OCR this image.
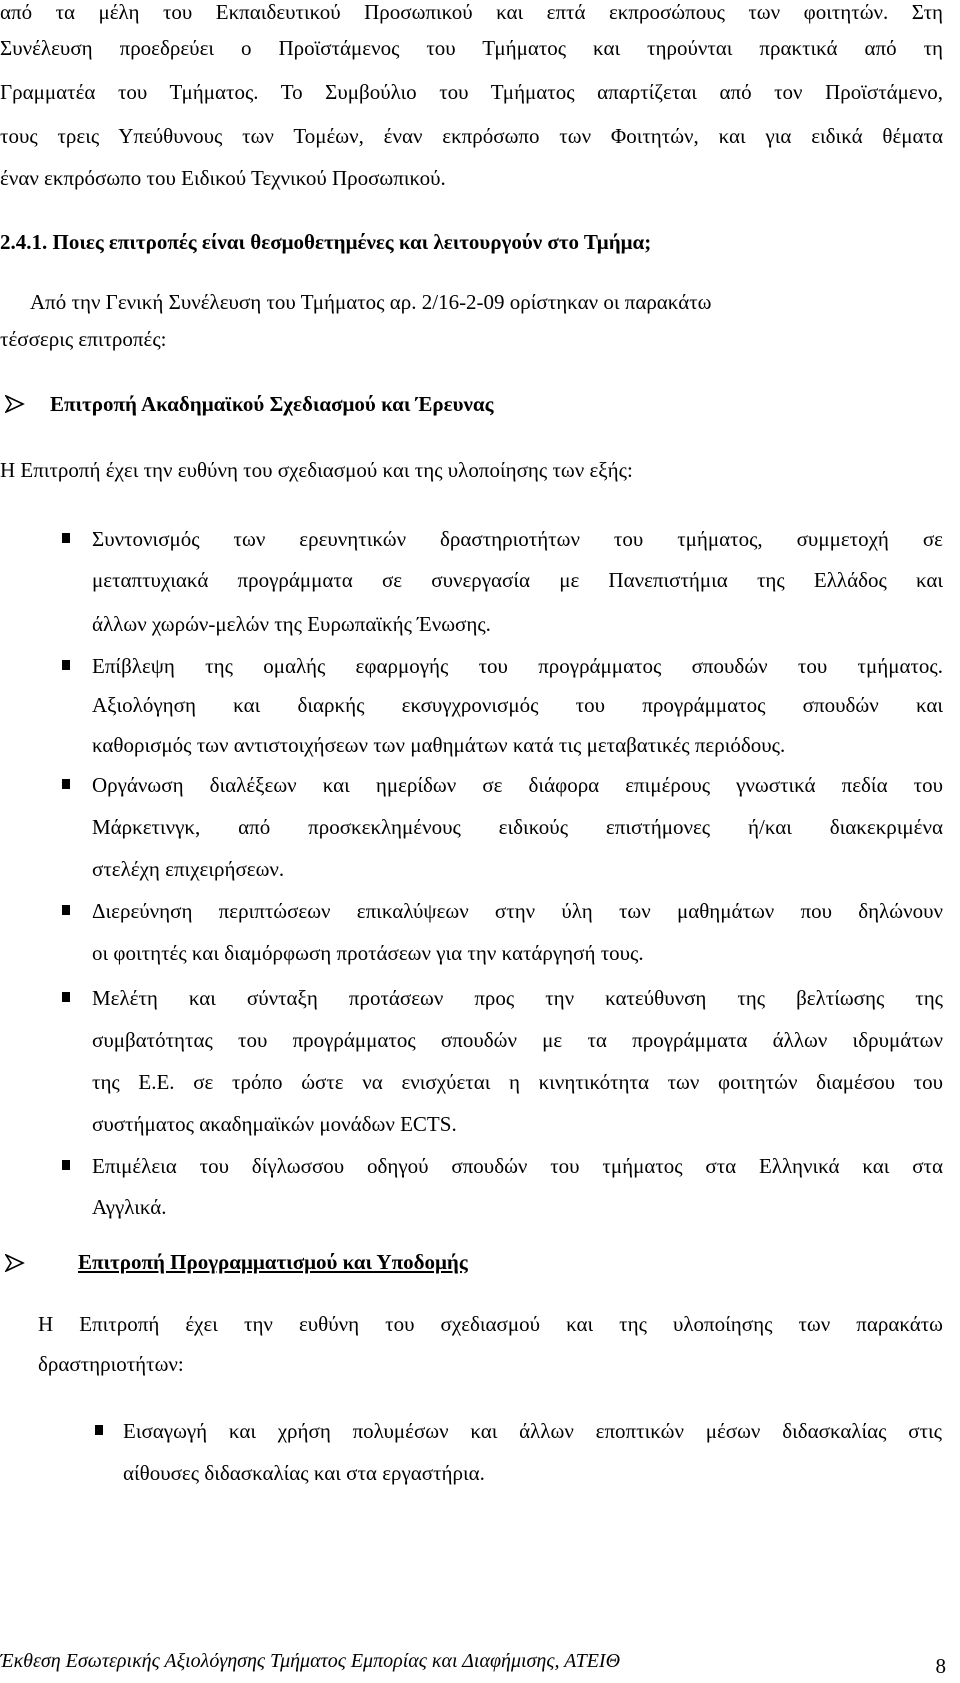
από τα μέλη του Εκπαιδευτικού Προσωπικού και επτά εκπροσώπους των φοιτητών. Στη
Συνέλευση προεδρεύει ο Προϊστάμενος του Τμήματος και τηρούνται πρακτικά από τη
Γραμματέα του Τμήματος. Το Συμβούλιο του Τμήματος απαρτίζεται από τον Προϊστάμενο,
τους τρεις Υπεύθυνους των Τομέων, έναν εκπρόσωπο των Φοιτητών, και για ειδικά θέματα
έναν εκπρόσωπο του Ειδικού Τεχνικού Προσωπικού.
2.4.1. Ποιες επιτροπές είναι θεσμοθετημένες και λειτουργούν στο Τμήμα;
Από την Γενική Συνέλευση του Τμήματος αρ. 2/16-2-09 ορίστηκαν οι παρακάτω
τέσσερις επιτροπές:
Επιτροπή Ακαδημαϊκού Σχεδιασμού και Έρευνας
Η Επιτροπή έχει την ευθύνη του σχεδιασμού και της υλοποίησης των εξής:
Συντονισμός των ερευνητικών δραστηριοτήτων του τμήματος, συμμετοχή σε
μεταπτυχιακά προγράμματα σε συνεργασία με Πανεπιστήμια της Ελλάδος και
άλλων χωρών-μελών της Ευρωπαϊκής Ένωσης.
Επίβλεψη της ομαλής εφαρμογής του προγράμματος σπουδών του τμήματος.
Αξιολόγηση και διαρκής εκσυγχρονισμός του προγράμματος σπουδών και
καθορισμός των αντιστοιχήσεων των μαθημάτων κατά τις μεταβατικές περιόδους.
Οργάνωση διαλέξεων και ημερίδων σε διάφορα επιμέρους γνωστικά πεδία του
Μάρκετινγκ, από προσκεκλημένους ειδικούς επιστήμονες ή/και διακεκριμένα
στελέχη επιχειρήσεων.
Διερεύνηση περιπτώσεων επικαλύψεων στην ύλη των μαθημάτων που δηλώνουν
οι φοιτητές και διαμόρφωση προτάσεων για την κατάργησή τους.
Μελέτη και σύνταξη προτάσεων προς την κατεύθυνση της βελτίωσης της
συμβατότητας του προγράμματος σπουδών με τα προγράμματα άλλων ιδρυμάτων
της Ε.Ε. σε τρόπο ώστε να ενισχύεται η κινητικότητα των φοιτητών διαμέσου του
συστήματος ακαδημαϊκών μονάδων ECTS.
Επιμέλεια του δίγλωσσου οδηγού σπουδών του τμήματος στα Ελληνικά και στα
Αγγλικά.
Επιτροπή Προγραμματισμού και Υποδομής
Η Επιτροπή έχει την ευθύνη του σχεδιασμού και της υλοποίησης των παρακάτω
δραστηριοτήτων:
Εισαγωγή και χρήση πολυμέσων και άλλων εποπτικών μέσων διδασκαλίας στις
αίθουσες διδασκαλίας και στα εργαστήρια.
Έκθεση Εσωτερικής Αξιολόγησης Τμήματος Εμπορίας και Διαφήμισης, ΑΤΕΙΘ	8
